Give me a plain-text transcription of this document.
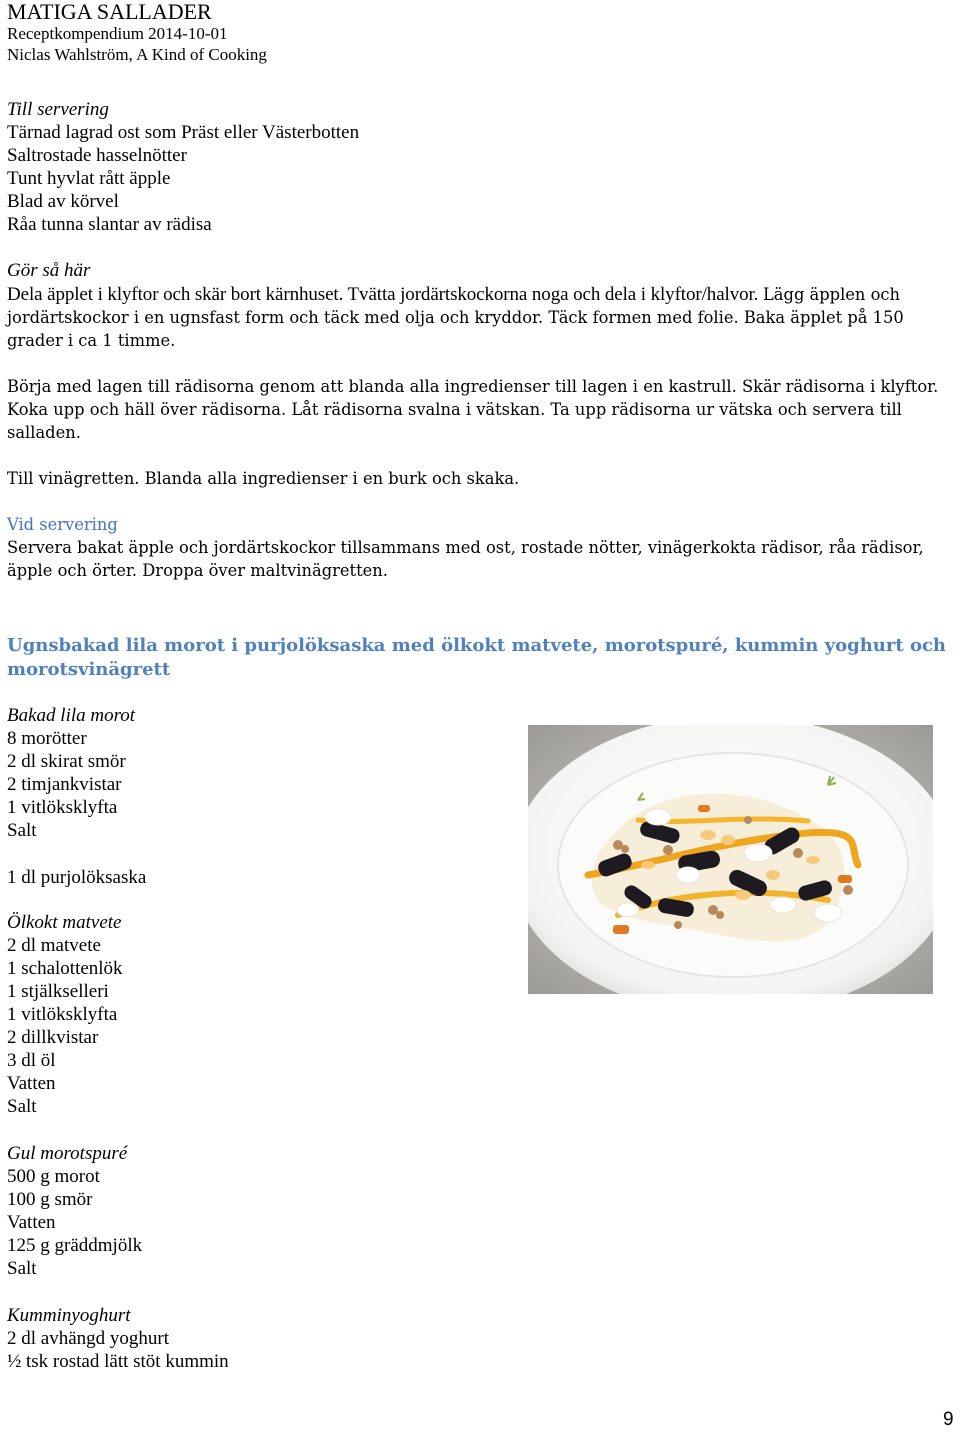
MATIGA SALLADER
Receptkompendium 2014-10-01
Niclas Wahlström, A Kind of Cooking
Till servering
Tärnad lagrad ost som Präst eller Västerbotten
Saltrostade hasselnötter
Tunt hyvlat rått äpple
Blad av körvel
Råa tunna slantar av rädisa
Gör så här
Dela äpplet i klyftor och skär bort kärnhuset. Tvätta jordärtskockorna noga och dela i klyftor/halvor. Lägg äpplen och jordärtskockor i en ugnsfast form och täck med olja och kryddor. Täck formen med folie. Baka äpplet på 150 grader i ca 1 timme.
Börja med lagen till rädisorna genom att blanda alla ingredienser till lagen i en kastrull. Skär rädisorna i klyftor. Koka upp och häll över rädisorna. Låt rädisorna svalna i vätskan. Ta upp rädisorna ur vätska och servera till salladen.
Till vinägretten. Blanda alla ingredienser i en burk och skaka.
Vid servering
Servera bakat äpple och jordärtskockor tillsammans med ost, rostade nötter, vinägerkokta rädisor, råa rädisor, äpple och örter. Droppa över maltvinägretten.
Ugnsbakad lila morot i purjolöksaska med ölkokt matvete, morotspuré, kummin yoghurt och morotsvinägrett
Bakad lila morot
8 morötter
2 dl skirat smör
2 timjankvistar
1 vitlöksklyfta
Salt
1 dl purjolöksaska
Ölkokt matvete
2 dl matvete
1 schalottenlök
1 stjälkselleri
1 vitlöksklyfta
2 dillkvistar
3 dl öl
Vatten
Salt
Gul morotspuré
500 g morot
100 g smör
Vatten
125 g gräddmjölk
Salt
Kumminyoghurt
2 dl avhängd yoghurt
½ tsk rostad lätt stöt kummin
9
